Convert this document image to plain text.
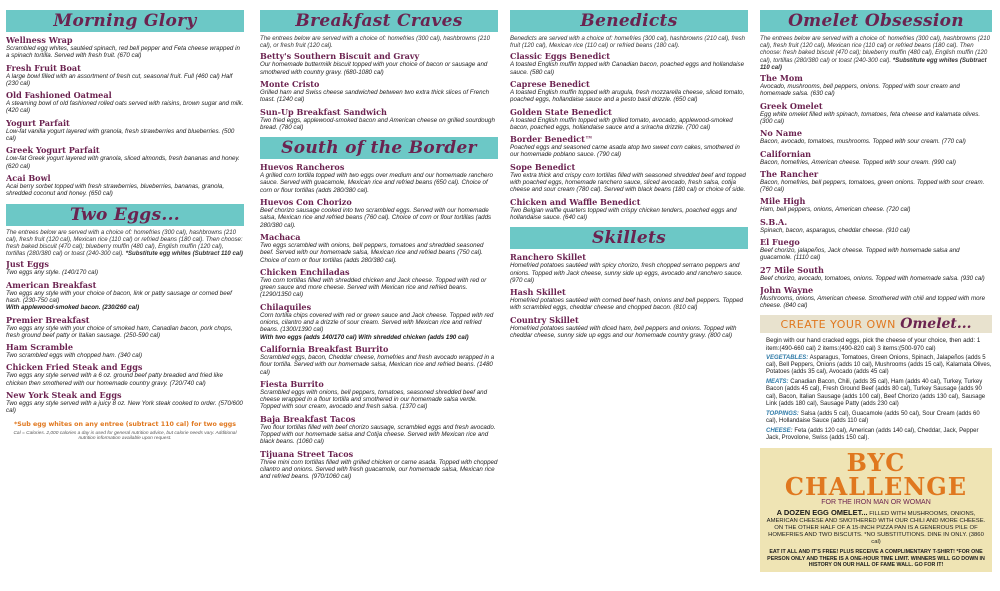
Morning Glory
Wellness Wrap
Scrambled egg whites, sautéed spinach, red bell pepper and Feta cheese wrapped in a spinach tortilla. Served with fresh fruit. (670 cal)
Fresh Fruit Boat
A large bowl filled with an assortment of fresh cut, seasonal fruit. Full (460 cal) Half (230 cal)
Old Fashioned Oatmeal
A steaming bowl of old fashioned rolled oats served with raisins, brown sugar and milk. (420 cal)
Yogurt Parfait
Low-fat vanilla yogurt layered with granola, fresh strawberries and blueberries. (500 cal)
Greek Yogurt Parfait
Low-fat Greek yogurt layered with granola, sliced almonds, fresh bananas and honey. (620 cal)
Acai Bowl
Acai berry sorbet topped with fresh strawberries, blueberries, bananas, granola, shredded coconut and honey. (650 cal)
Two Eggs...
The entrees below are served with a choice of: homefries (300 cal), hashbrowns (210 cal), fresh fruit (120 cal), Mexican rice (110 cal) or refried beans (180 cal). Then choose: fresh baked biscuit (470 cal); blueberry muffin (480 cal), English muffin (120 cal), tortillas (280/380 cal) or toast (240-300 cal). *Substitute egg whites (Subtract 110 cal)
Just Eggs
Two eggs any style. (140/170 cal)
American Breakfast
Two eggs any style with your choice of bacon, link or patty sausage or corned beef hash. (230-750 cal)
With applewood-smoked bacon. (230/260 cal)
Premier Breakfast
Two eggs any style with your choice of smoked ham, Canadian bacon, pork chops, fresh ground beef patty or Italian sausage. (250-590 cal)
Ham Scramble
Two scrambled eggs with chopped ham. (340 cal)
Chicken Fried Steak and Eggs
Two eggs any style served with a 6 oz. ground beef patty breaded and fried like chicken then smothered with our homemade country gravy. (720/740 cal)
New York Steak and Eggs
Two eggs any style served with a juicy 8 oz. New York steak cooked to order. (570/600 cal)
*Sub egg whites on any entree (subtract 110 cal) for two eggs
Cal = Calories. 2,000 calories a day is used for general nutrition advice, but calorie needs vary. Additional nutrition information available upon request.
Breakfast Craves
The entrees below are served with a choice of: homefries (300 cal), hashbrowns (210 cal), or fresh fruit (120 cal).
Betty's Southern Biscuit and Gravy
Our homemade buttermilk biscuit topped with your choice of bacon or sausage and smothered with country gravy. (680-1080 cal)
Monte Cristo
Grilled ham and Swiss cheese sandwiched between two extra thick slices of French toast. (1240 cal)
Sun-Up Breakfast Sandwich
Two fried eggs, applewood-smoked bacon and American cheese on grilled sourdough bread. (780 cal)
South of the Border
Huevos Rancheros
A grilled corn tortilla topped with two eggs over medium and our homemade ranchero sauce. Served with guacamole, Mexican rice and refried beans (650 cal). Choice of corn or flour tortillas (adds 280/380 cal).
Huevos Con Chorizo
Beef chorizo sausage cooked into two scrambled eggs. Served with our homemade salsa, Mexican rice and refried beans (760 cal). Choice of corn or flour tortillas (adds 280/380 cal).
Machaca
Two eggs scrambled with onions, bell peppers, tomatoes and shredded seasoned beef. Served with our homemade salsa, Mexican rice and refried beans (750 cal). Choice of corn or flour tortillas (adds 280/380 cal).
Chicken Enchiladas
Two corn tortillas filled with shredded chicken and Jack cheese. Topped with red or green sauce and more cheese. Served with Mexican rice and refried beans. (1290/1350 cal)
Chilaquiles
Corn tortilla chips covered with red or green sauce and Jack cheese. Topped with red onions, cilantro and a drizzle of sour cream. Served with Mexican rice and refried beans. (1300/1390 cal)
With two eggs (adds 140/170 cal) With shredded chicken (adds 190 cal)
California Breakfast Burrito
Scrambled eggs, bacon, Cheddar cheese, homefries and fresh avocado wrapped in a flour tortilla. Served with our homemade salsa, Mexican rice and refried beans. (1480 cal)
Fiesta Burrito
Scrambled eggs with onions, bell peppers, tomatoes, seasoned shredded beef and cheese wrapped in a flour tortilla and smothered in our homemade salsa verde. Topped with sour cream, avocado and fresh salsa. (1370 cal)
Baja Breakfast Tacos
Two flour tortillas filled with beef chorizo sausage, scrambled eggs and fresh avocado. Topped with our homemade salsa and Cotija cheese. Served with Mexican rice and black beans. (1060 cal)
Tijuana Street Tacos
Three mini corn tortillas filled with grilled chicken or carne asada. Topped with chopped cilantro and onions. Served with fresh guacamole, our homemade salsa, Mexican rice and refried beans. (970/1060 cal)
Benedicts
Benedicts are served with a choice of: homefries (300 cal), hashbrowns (210 cal), fresh fruit (120 cal), Mexican rice (110 cal) or refried beans (180 cal).
Classic Eggs Benedict
A toasted English muffin topped with Canadian bacon, poached eggs and hollandaise sauce. (580 cal)
Caprese Benedict
A toasted English muffin topped with arugula, fresh mozzarella cheese, sliced tomato, poached eggs, hollandaise sauce and a pesto basil drizzle. (650 cal)
Golden State Benedict
A toasted English muffin topped with grilled tomato, avocado, applewood-smoked bacon, poached eggs, hollandaise sauce and a sriracha drizzle. (700 cal)
Border Benedict™
Poached eggs and seasoned carne asada atop two sweet corn cakes, smothered in our homemade poblano sauce. (790 cal)
Sope Benedict
Two extra thick and crispy corn tortillas filled with seasoned shredded beef and topped with poached eggs, homemade ranchero sauce, sliced avocado, fresh salsa, cotija cheese and sour cream (780 cal). Served with black beans (180 cal) or choice of side.
Chicken and Waffle Benedict
Two Belgian waffle quarters topped with crispy chicken tenders, poached eggs and hollandaise sauce. (640 cal)
Skillets
Ranchero Skillet
Homefried potatoes sautéed with spicy chorizo, fresh chopped serrano peppers and onions. Topped with Jack cheese, sunny side up eggs, avocado and ranchero sauce. (970 cal)
Hash Skillet
Homefried potatoes sautéed with corned beef hash, onions and bell peppers. Topped with scrambled eggs, cheddar cheese and chopped bacon. (810 cal)
Country Skillet
Homefried potatoes sautéed with diced ham, bell peppers and onions. Topped with cheddar cheese, sunny side up eggs and our homemade country gravy. (800 cal)
Omelet Obsession
The entrees below are served with a choice of: homefries (300 cal), hashbrowns (210 cal), fresh fruit (120 cal), Mexican rice (110 cal) or refried beans (180 cal). Then choose: fresh baked biscuit (470 cal); blueberry muffin (480 cal), English muffin (120 cal), tortillas (280/380 cal) or toast (240-300 cal). *Substitute egg whites (Subtract 110 cal)
The Mom
Avocado, mushrooms, bell peppers, onions. Topped with sour cream and homemade salsa. (630 cal)
Greek Omelet
Egg white omelet filled with spinach, tomatoes, feta cheese and kalamata olives. (300 cal)
No Name
Bacon, avocado, tomatoes, mushrooms. Topped with sour cream. (770 cal)
Californian
Bacon, homefries, American cheese. Topped with sour cream. (990 cal)
The Rancher
Bacon, homefries, bell peppers, tomatoes, green onions. Topped with sour cream. (760 cal)
Mile High
Ham, bell peppers, onions, American cheese. (720 cal)
S.B.A.
Spinach, bacon, asparagus, cheddar cheese. (910 cal)
El Fuego
Beef chorizo, jalapeños, Jack cheese. Topped with homemade salsa and guacamole. (1110 cal)
27 Mile South
Beef chorizo, avocado, tomatoes, onions. Topped with homemade salsa. (930 cal)
John Wayne
Mushrooms, onions, American cheese. Smothered with chili and topped with more cheese. (840 cal)
CREATE YOUR OWN Omelet...
Begin with our hand cracked eggs, pick the cheese of your choice, then add: 1 item:(490-660 cal) 2 items:(490-820 cal) 3 items:(500-970 cal)
VEGETABLES: Asparagus, Tomatoes, Green Onions, Spinach, Jalapeños (adds 5 cal), Bell Peppers, Onions (adds 10 cal), Mushrooms (adds 15 cal), Kalamata Olives, Potatoes (adds 35 cal), Avocado (adds 45 cal)
MEATS: Canadian Bacon, Chili, (adds 35 cal), Ham (adds 40 cal), Turkey, Turkey Bacon (adds 45 cal), Fresh Ground Beef (adds 80 cal), Turkey Sausage (adds 90 cal), Bacon, Italian Sausage (adds 100 cal), Beef Chorizo (adds 130 cal), Sausage Link (adds 180 cal), Sausage Patty (adds 230 cal)
TOPPINGS: Salsa (adds 5 cal), Guacamole (adds 50 cal), Sour Cream (adds 60 cal), Hollandaise Sauce (adds 110 cal)
CHEESE: Feta (adds 120 cal), American (adds 140 cal), Cheddar, Jack, Pepper Jack, Provolone, Swiss (adds 150 cal).
BYC CHALLENGE
FOR THE IRON MAN OR WOMAN
A DOZEN EGG OMELET... FILLED WITH MUSHROOMS, ONIONS, AMERICAN CHEESE AND SMOTHERED WITH OUR CHILI AND MORE CHEESE. ON THE OTHER HALF OF A 15-INCH PIZZA PAN IS A GENEROUS PILE OF HOMEFRIES AND TWO BISCUITS. *NO SUBSTITUTIONS. DINE IN ONLY. (3860 cal)
EAT IT ALL AND IT'S FREE! PLUS RECEIVE A COMPLIMENTARY T-SHIRT! *FOR ONE PERSON ONLY AND THERE IS A ONE-HOUR TIME LIMIT. WINNERS WILL GO DOWN IN HISTORY ON OUR HALL OF FAME WALL. GO FOR IT!
